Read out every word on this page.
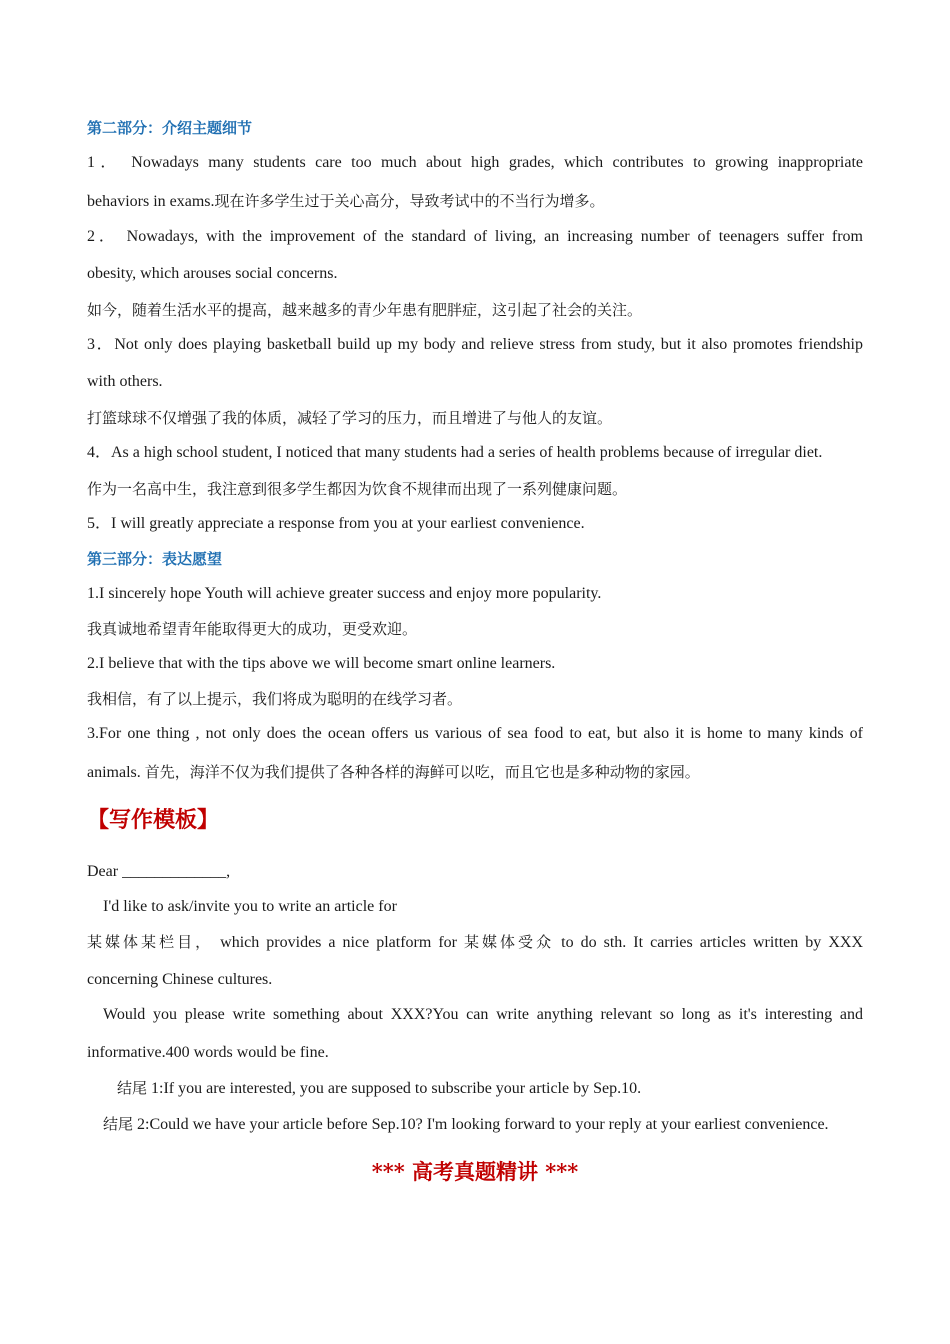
第二部分：介绍主题细节

1． Nowadays many students care too much about high grades, which contributes to growing inappropriate

behaviors in exams.现在许多学生过于关心高分，导致考试中的不当行为增多。

2． Nowadays, with the improvement of the standard of living, an increasing number of teenagers suffer from

obesity, which arouses social concerns.

如今，随着生活水平的提高，越来越多的青少年患有肥胖症，这引起了社会的关注。

3．Not only does playing basketball build up my body and relieve stress from study, but it also promotes friendship

with others.

打篮球球不仅增强了我的体质，减轻了学习的压力，而且增进了与他人的友谊。

4．As a high school student, I noticed that many students had a series of health problems because of irregular diet.

作为一名高中生，我注意到很多学生都因为饮食不规律而出现了一系列健康问题。

5．I will greatly appreciate a response from you at your earliest convenience.

第三部分：表达愿望

1.I sincerely hope Youth will achieve greater success and enjoy more popularity.

我真诚地希望青年能取得更大的成功，更受欢迎。

2.I believe that with the tips above we will become smart online learners.

我相信，有了以上提示，我们将成为聪明的在线学习者。

3.For one thing , not only does the ocean offers us various of sea food to eat, but also it is home to many kinds of

animals. 首先，海洋不仅为我们提供了各种各样的海鲜可以吃，而且它也是多种动物的家园。

【写作模板】

Dear _____________,

I'd like to ask/invite you to write an article for

某媒体某栏目， which provides a nice platform for 某媒体受众 to do sth. It carries articles written by XXX

concerning Chinese cultures.

Would you please write something about XXX?You can write anything relevant so long as it's interesting and

informative.400 words would be fine.

结尾 1:If you are interested, you are supposed to subscribe your article by Sep.10.

结尾 2:Could we have your article before Sep.10? I'm looking forward to your reply at your earliest convenience.

*** 高考真题精讲 ***
